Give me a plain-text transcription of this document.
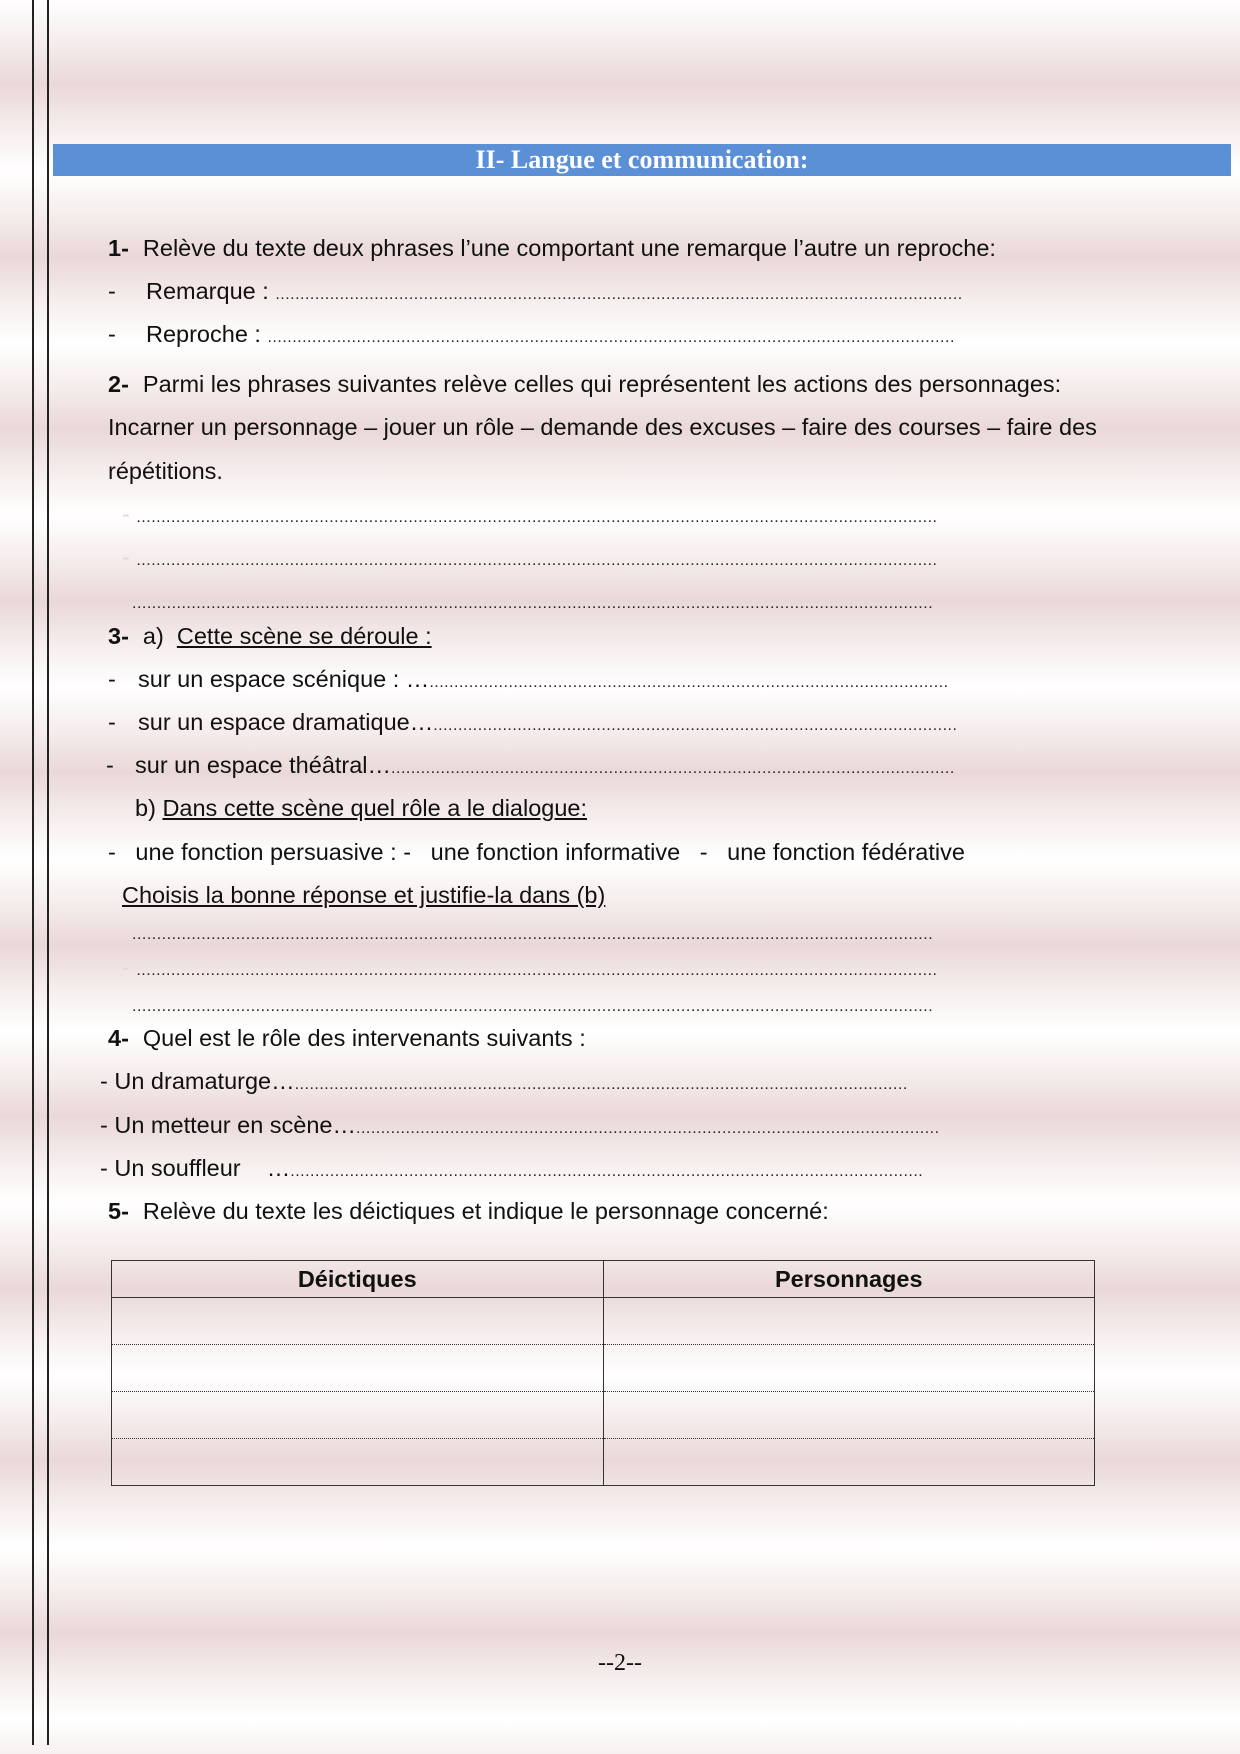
II- Langue et communication:
1- Relève du texte deux phrases l’une comportant une remarque l’autre un reproche:
- Remarque : ...........................................................................................................................................
- Reproche : ...........................................................................................................................................
2- Parmi les phrases suivantes relève celles qui représentent les actions des personnages:
Incarner un personnage – jouer un rôle – demande des excuses – faire des courses – faire des
répétitions.
- ..................................................................................................................................................................
- ..................................................................................................................................................................
..................................................................................................................................................................
3- a) Cette scène se déroule :
- sur un espace scénique : ….........................................................................................................
- sur un espace dramatique…..........................................................................................................
- sur un espace théâtral…..................................................................................................................
b) Dans cette scène quel rôle a le dialogue:
-   une fonction persuasive : -   une fonction informative   -   une fonction fédérative
Choisis la bonne réponse et justifie-la dans (b)
..................................................................................................................................................................
- ..................................................................................................................................................................
..................................................................................................................................................................
4- Quel est le rôle des intervenants suivants :
- Un dramaturge…............................................................................................................................
- Un metteur en scène…......................................................................................................................
- Un souffleur    …................................................................................................................................
5- Relève du texte les déictiques et indique le personnage concerné:
Déictiques	Personnages

--2--
